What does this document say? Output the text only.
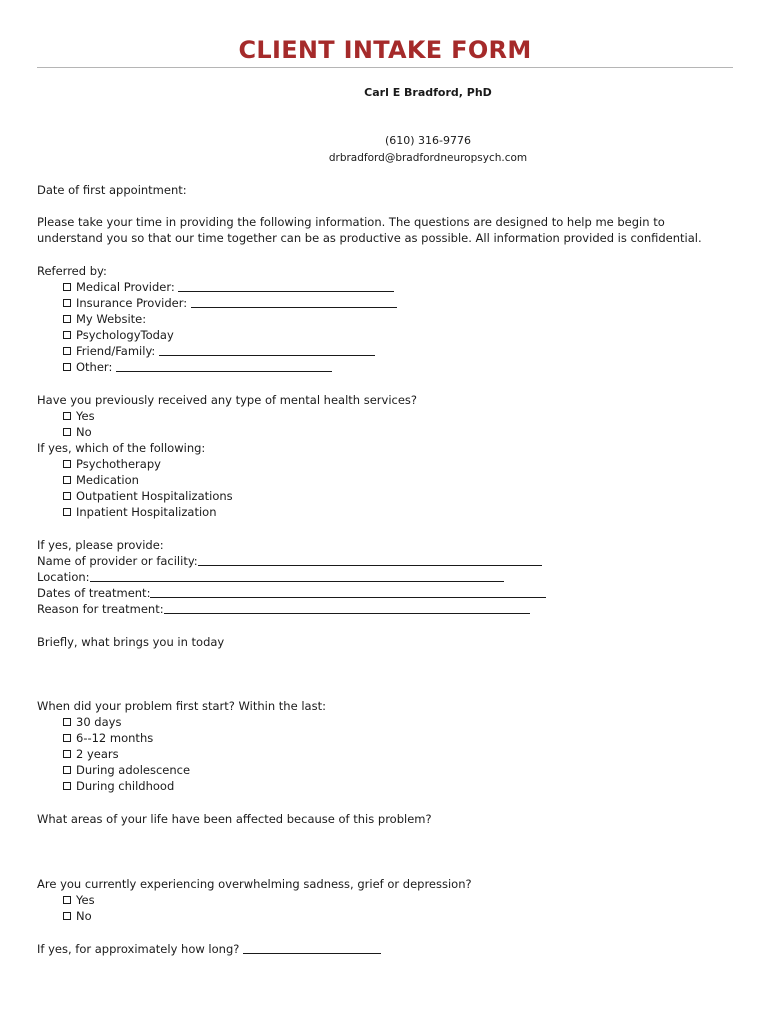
CLIENT INTAKE FORM
Carl E Bradford, PhD
(610) 316-9776
drbradford@bradfordneuropsych.com
Date of first appointment:
Please take your time in providing the following information. The questions are designed to help me begin to
understand you so that our time together can be as productive as possible. All information provided is confidential.
Referred by:
Medical Provider:
Insurance Provider:
My Website:
PsychologyToday
Friend/Family:
Other:
Have you previously received any type of mental health services?
Yes
No
If yes, which of the following:
Psychotherapy
Medication
Outpatient Hospitalizations
Inpatient Hospitalization
If yes, please provide:
Name of provider or facility:
Location:
Dates of treatment:
Reason for treatment:
Briefly, what brings you in today
When did your problem first start? Within the last:
30 days
6--12 months
2 years
During adolescence
During childhood
What areas of your life have been affected because of this problem?
Are you currently experiencing overwhelming sadness, grief or depression?
Yes
No
If yes, for approximately how long?
